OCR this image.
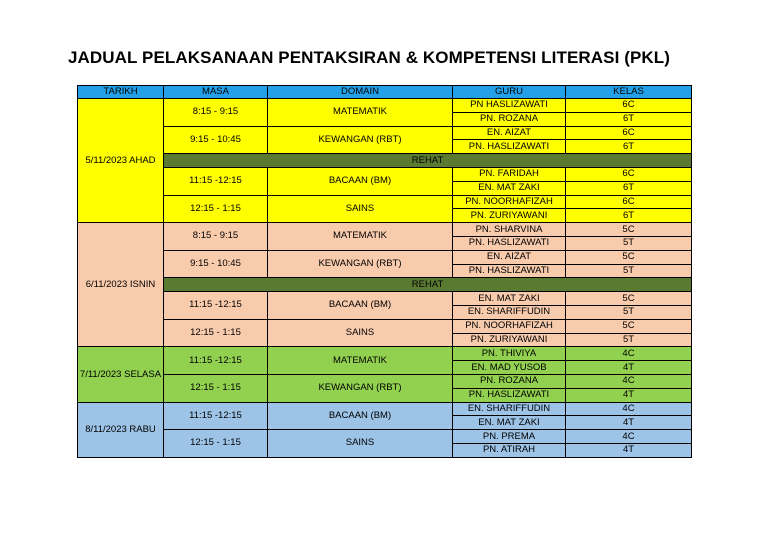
JADUAL PELAKSANAAN PENTAKSIRAN & KOMPETENSI LITERASI (PKL)
TARIKH	MASA	DOMAIN	GURU	KELAS
5/11/2023 AHAD	8:15 - 9:15	MATEMATIK	PN HASLIZAWATI	6C
			PN. ROZANA	6T
	9:15 - 10:45	KEWANGAN (RBT)	EN. AIZAT	6C
			PN. HASLIZAWATI	6T
	REHAT			
	11:15 -12:15	BACAAN (BM)	PN. FARIDAH	6C
			EN. MAT ZAKI	6T
	12:15 - 1:15	SAINS	PN. NOORHAFIZAH	6C
			PN. ZURIYAWANI	6T
6/11/2023 ISNIN	8:15 - 9:15	MATEMATIK	PN. SHARVINA	5C
			PN. HASLIZAWATI	5T
	9:15 - 10:45	KEWANGAN (RBT)	EN. AIZAT	5C
			PN. HASLIZAWATI	5T
	REHAT			
	11:15 -12:15	BACAAN (BM)	EN. MAT ZAKI	5C
			EN. SHARIFFUDIN	5T
	12:15 - 1:15	SAINS	PN. NOORHAFIZAH	5C
			PN. ZURIYAWANI	5T
7/11/2023 SELASA	11:15 -12:15	MATEMATIK	PN. THIVIYA	4C
			EN. MAD YUSOB	4T
	12:15 - 1:15	KEWANGAN (RBT)	PN. ROZANA	4C
			PN. HASLIZAWATI	4T
8/11/2023 RABU	11:15 -12:15	BACAAN (BM)	EN. SHARIFFUDIN	4C
			EN. MAT ZAKI	4T
	12:15 - 1:15	SAINS	PN. PREMA	4C
			PN. ATIRAH	4T
